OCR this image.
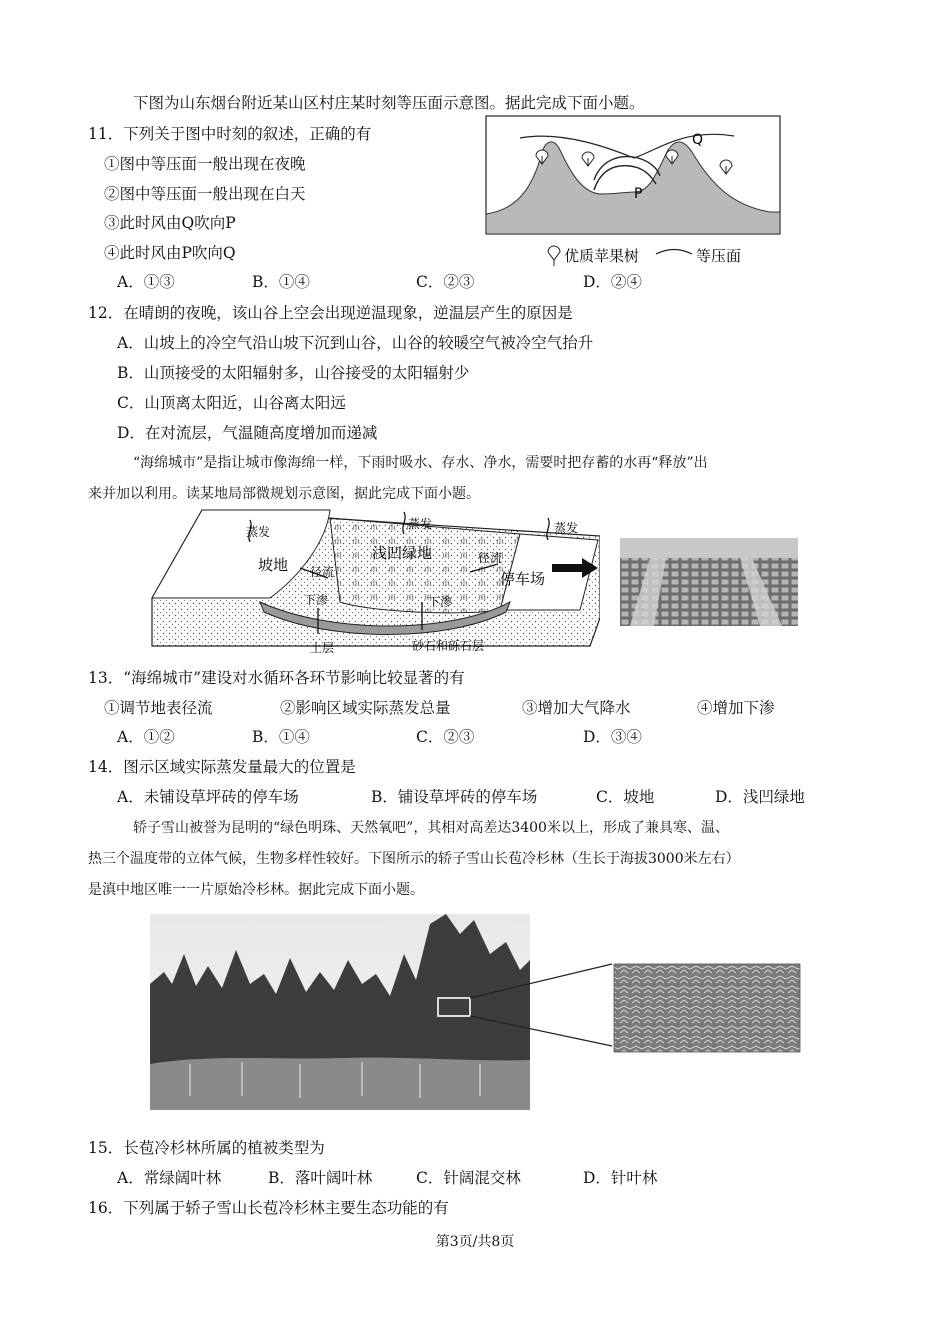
下图为山东烟台附近某山区村庄某时刻等压面示意图。据此完成下面小题。
11．下列关于图中时刻的叙述，正确的有
①图中等压面一般出现在夜晚
②图中等压面一般出现在白天
③此时风由Q吹向P
④此时风由P吹向Q
A．①③	B．①④	C．②③	D．②④
Q
P
优质苹果树	等压面
12．在晴朗的夜晚，该山谷上空会出现逆温现象，逆温层产生的原因是
A．山坡上的冷空气沿山坡下沉到山谷，山谷的较暖空气被冷空气抬升
B．山顶接受的太阳辐射多，山谷接受的太阳辐射少
C．山顶离太阳近，山谷离太阳远
D．在对流层，气温随高度增加而递减
“海绵城市”是指让城市像海绵一样，下雨时吸水、存水、净水，需要时把存蓄的水再“释放”出
来并加以利用。读某地局部微规划示意图，据此完成下面小题。
蒸发
蒸发	蒸发
坡地
浅凹绿地
停车场
径流
径流
下渗	下渗
土层	砂石和砾石层
13．“海绵城市”建设对水循环各环节影响比较显著的有
①调节地表径流	②影响区域实际蒸发总量	③增加大气降水	④增加下渗
A．①②	B．①④	C．②③	D．③④
14．图示区域实际蒸发量最大的位置是
A．未铺设草坪砖的停车场	B．铺设草坪砖的停车场	C．坡地	D．浅凹绿地
轿子雪山被誉为昆明的“绿色明珠、天然氧吧”，其相对高差达3400米以上，形成了兼具寒、温、
热三个温度带的立体气候，生物多样性较好。下图所示的轿子雪山长苞冷杉林（生长于海拔3000米左右）
是滇中地区唯一一片原始冷杉林。据此完成下面小题。
15．长苞冷杉林所属的植被类型为
A．常绿阔叶林	B．落叶阔叶林	C．针阔混交林	D．针叶林
16．下列属于轿子雪山长苞冷杉林主要生态功能的有
第3页/共8页
